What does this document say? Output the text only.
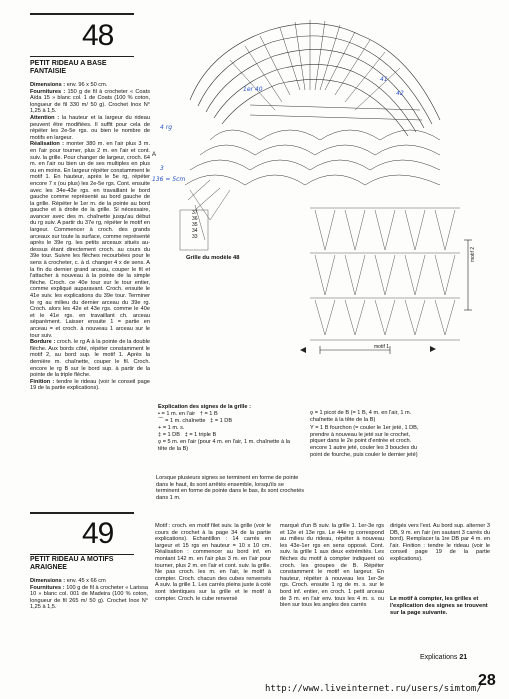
48
PETIT RIDEAU A BASE
FANTAISIE

Dimensions : env. 96 x 50 cm.

Fournitures : 150 g de fil à crocheter « Coats Aïda 15 » blanc col. 1 de Coats (100 % coton, longueur de fil 330 m/ 50 g). Crochet Inox N° 1,25 à 1,5.

Attention : la hauteur et la largeur du rideau peuvent être modifiées. Il suffit pour cela de répéter les 2e-5e rgs. ou bien le nombre de motifs en largeur.

Réalisation : monter 380 m. en l'air plus 3 m. en l'air pour tourner, plus 2 m. en l'air et cont. suiv. la grille. Pour changer de largeur, croch. 64 m. en l'air ou bien un de ses multiples en plus ou en moins. En largeur répéter constamment le motif 1. En hauteur, après le 5e rg, répéter encore 7 x (ou plus) les 2e-5e rgs. Cont. ensuite avec les 34e-43e rgs. en travaillant le bord gauche comme représenté au bord gauche de la grille. Répéter le 1er m. de la pointe au bord gauche et à droite de la grille. Si nécessaire, avancer avec des m. chaînette jusqu'au début du rg suiv. A partir du 37e rg, répéter le motif en largeur. Commencer à croch. des grands arceaux sur toute la surface, comme représenté après le 39e rg. les petits arceaux situés au-dessus étant directement croch. au cours du 39e tour. Suivre les flèches recourbées pour le sens à crocheter, c. à d. changer 4 x de sens. A la fin du dernier grand arceau, couper le fil et l'attacher à nouveau à la pointe de la simple flèche. Croch. ce 40e tour sur le tour entier, comme expliqué auparavant. Croch. ensuite le 41e suiv. les explications du 39e tour. Terminer le rg au milieu du dernier arceau du 39e rg. Croch. alors les 42e et 43e rgs. comme le 40e et le 41e rgs. en travaillant ch. arceau séparément. Laisser ensuite 1 = partie en arceau = et croch. à nouveau 1 arceau sur le tour suiv.

Bordure : croch. le rg A à la pointe de la double flèche. Aux bords côté, répéter constamment le motif 2, au bord sup. le motif 1. Après la dernière m. chaînette, couper le fil. Croch. encore le rg B sur le bord sup. à partir de la pointe de la triple flèche.

Finition : tendre le rideau (voir le conseil page 19 de la partie explications).

Grille du modèle 48
37
36
35
34
33
A
motif 1
motif 2
1er 40
41
42
4 rg
3
136 = 5cm
Explication des signes de la grille :
• = 1 m. en l'air † = 1 B
⌒ = 1 m. chaînette ‡ = 1 DB
+ = 1 m. s.
‡ = 1 DB ‡ = 1 triple B
ϙ = 5 m. en l'air (pour 4 m. en l'air, 1 m. chaînette à la tête de la B)
Lorsque plusieurs signes se terminent en forme de pointe dans le haut, ils sont arrêtés ensemble, lorsqu'ils se terminent en forme de pointe dans le bas, ils sont crochetés dans 1 m.
ϙ = 1 picot de B (= 1 B, 4 m. en l'air, 1 m. chaînette à la tête de la B)
Y = 1 B fourchon (= couler le 1er jeté, 1 DB, prendre à nouveau le jeté sur le crochet, piquer dans le 2e point d'entrée et croch. encore 1 autre jeté, couler les 3 boucles du point de fourche, puis couler le dernier jeté)
49
PETIT RIDEAU A MOTIFS
ARAIGNEE

Dimensions : env. 45 x 66 cm

Fournitures : 100 g de fil à crocheter « Larissa 10 » blanc col. 001 de Madeira (100 % coton, longueur de fil 265 m/ 50 g). Crochet Inox N° 1,25 à 1,5.

Motif : croch. en motif filet suiv. la grille (voir le cours de crochet à la page 34 de la partie explications). Echantillon : 14 carrés en largeur et 15 rgs en hauteur = 10 x 10 cm. Réalisation : commencer au bord inf. en montant 142 m. en l'air plus 3 m. en l'air pour tourner, plus 2 m. en l'air et cont. suiv. la grille. Ne pas croch. les m. en l'air, le motif à compter. Croch. chacun des cubes renversés A suiv. la grille 1. Les carrés pleins juste à coté sont identiques sur la grille et le motif à compter. Croch. le cube renversé
marqué d'un B suiv. la grille 1. 1er-3e rgs et 12e et 13e rgs. Le 44e rg correspond au milieu du rideau, répéter à nouveau les 43e-1er rgs en sens opposé. Cont. suiv. la grille 1 aux deux extrémités. Les flèches du motif à compter indiquent où croch. les groupes de B. Répéter constamment le motif en largeur. En hauteur, répéter à nouveau les 1er-3e rgs. Croch. ensuite 1 rg de m. s. sur le bord inf. entier, en croch. 1 petit arceau de 3 m. en l'air env. tous les 4 m. s. ou bien sur tous les angles des carrés
dirigés vers l'ext. Au bord sup. alterner 3 DB, 9 m. en l'air (en sautant 3 carrés du bord). Remplacer la 1re DB par 4 m. en l'air. Finition : tendre le rideau (voir le conseil page 19 de la partie explications).
Le motif à compter, les grilles et l'explication des signes se trouvent sur la page suivante.
Explications 21
28
http://www.liveinternet.ru/users/simtom/
